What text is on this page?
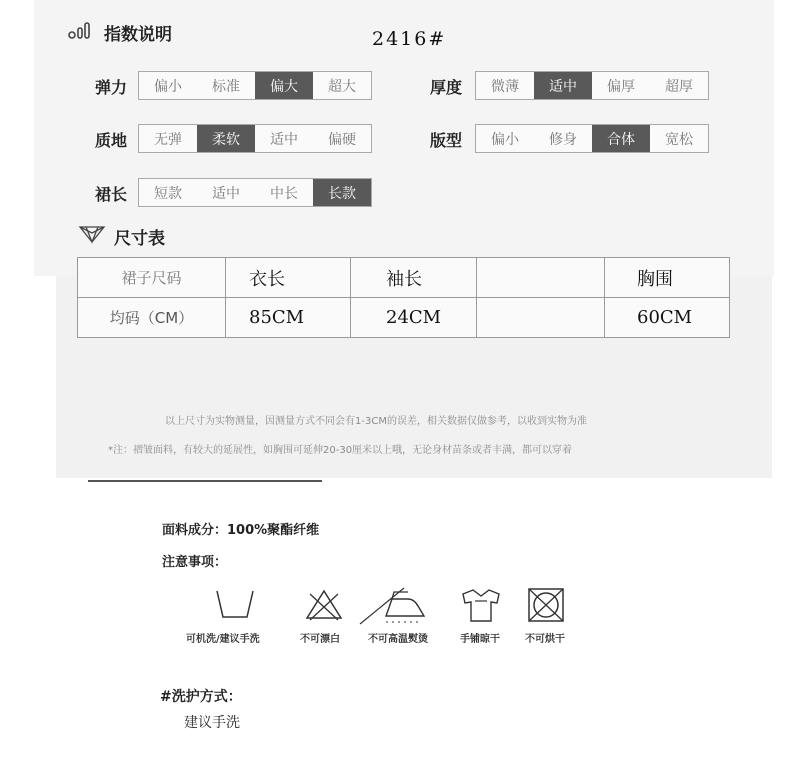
指数说明	2416#
弹力	偏小	标准	偏大	超大	厚度	微薄	适中	偏厚	超厚
质地	无弹	柔软	适中	偏硬	版型	偏小	修身	合体	宽松
裙长	短款	适中	中长	长款
尺寸表
裙子尺码	衣长	袖长		胸围
均码（CM）	85CM	24CM		60CM
以上尺寸为实物测量，因测量方式不同会有1-3CM的误差，相关数据仅做参考，以收到实物为准
*注：褶皱面料，有较大的延展性，如胸围可延伸20-30厘米以上哦，无论身材苗条或者丰满，都可以穿着
面料成分：100%聚酯纤维
注意事项：
可机洗/建议手洗	不可漂白	不可高温熨烫	手铺晾干	不可烘干
#洗护方式：
建议手洗
